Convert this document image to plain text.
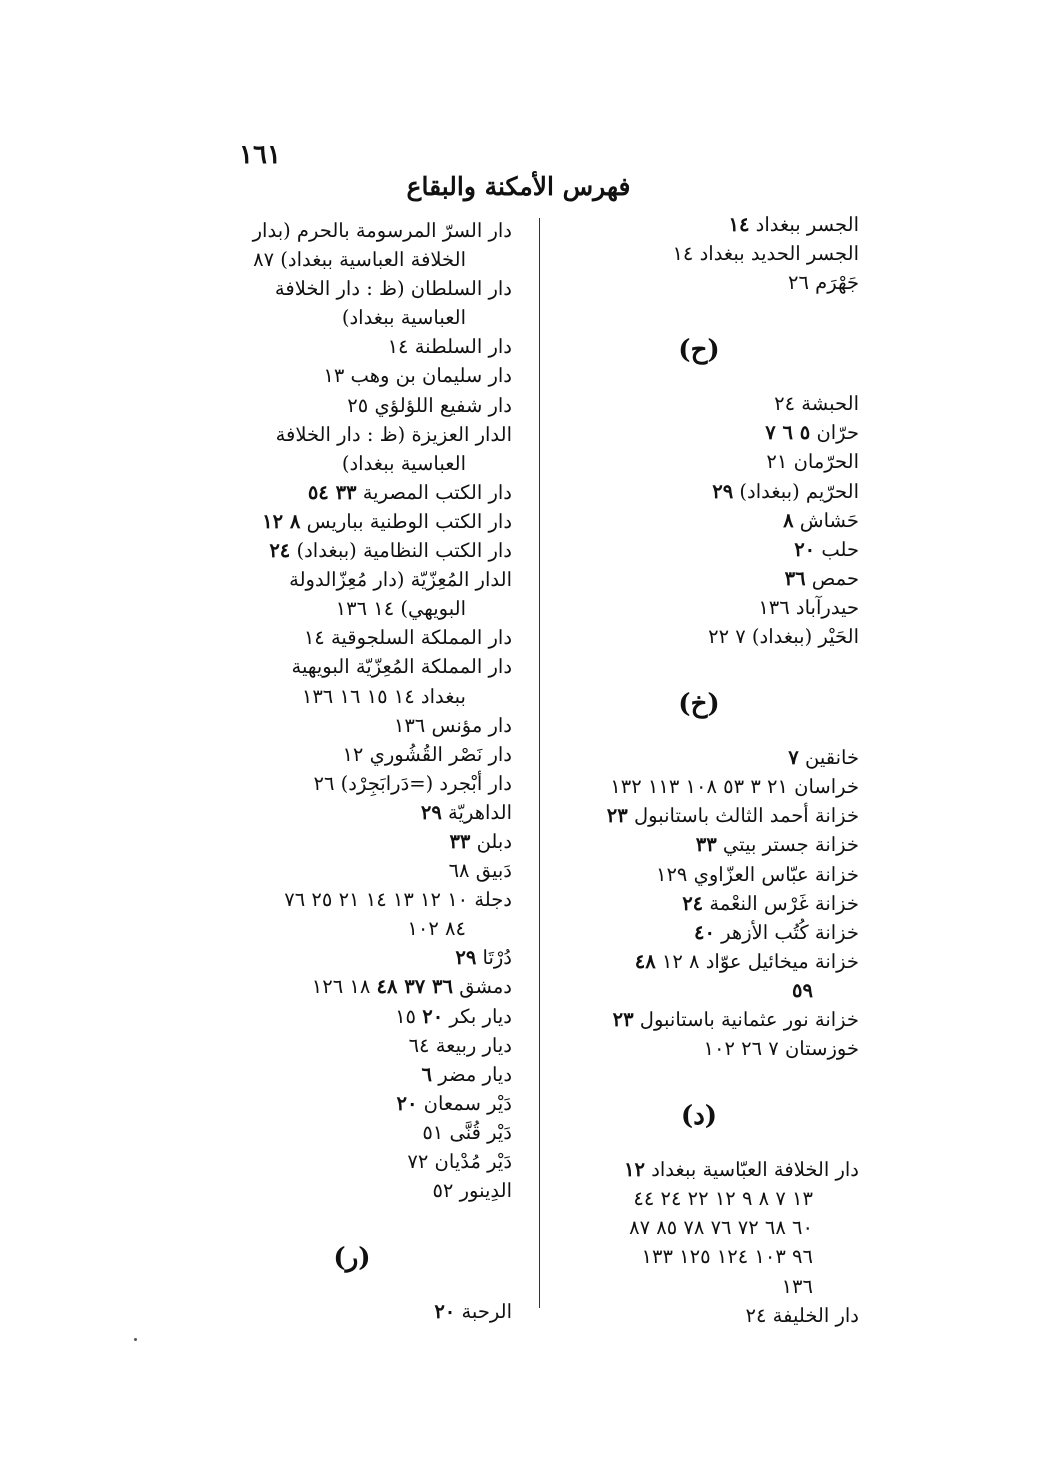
١٦١
فهرس الأمكنة والبقاع
الجسر ببغداد ١٤
الجسر الحديد ببغداد ١٤
جَهْرَم ٢٦
(ح)
الحبشة ٢٤
حرّان ٥ ٦ ٧
الحرّمان ٢١
الحرّيم (ببغداد) ٢٩
حَشاش ٨
حلب ٢٠
حمص ٣٦
حيدرآباد ١٣٦
الحَيْر (ببغداد) ٧ ٢٢
(خ)
خانقين ٧
خراسان ٢١ ٣ ٥٣ ١٠٨ ١١٣ ١٣٢
خزانة أحمد الثالث باستانبول ٢٣
خزانة جستر بيتي ٣٣
خزانة عبّاس العزّاوي ١٢٩
خزانة غَرْس النعْمة ٢٤
خزانة كُتُب الأزهر ٤٠
خزانة ميخائيل عوّاد ٨ ١٢ ٤٨
٥٩
خزانة نور عثمانية باستانبول ٢٣
خوزستان ٧ ٢٦ ١٠٢
(د)
دار الخلافة العبّاسية ببغداد ١٢
١٣ ٧ ٨ ٩ ١٢ ٢٢ ٢٤ ٤٤
٦٠ ٦٨ ٧٢ ٧٦ ٧٨ ٨٥ ٨٧
٩٦ ١٠٣ ١٢٤ ١٢٥ ١٣٣
١٣٦
دار الخليفة ٢٤
دار السرّ المرسومة بالحرم (بدار
الخلافة العباسية ببغداد) ٨٧
دار السلطان (ظ : دار الخلافة
العباسية ببغداد)
دار السلطنة ١٤
دار سليمان بن وهب ١٣
دار شفيع اللؤلؤي ٢٥
الدار العزيزة (ظ : دار الخلافة
العباسية ببغداد)
دار الكتب المصرية ٣٣ ٥٤
دار الكتب الوطنية بباريس ٨ ١٢
دار الكتب النظامية (ببغداد) ٢٤
الدار المُعِزّيّة (دار مُعِزّالدولة
البويهي) ١٤ ١٣٦
دار المملكة السلجوقية ١٤
دار المملكة المُعِزّيّة البويهية
ببغداد ١٤ ١٥ ١٦ ١٣٦
دار مؤنس ١٣٦
دار نَصْر القُشُوري ١٢
دار أبْجرد (=دَرابَجِرْد) ٢٦
الداهريّة ٢٩
دبلن ٣٣
دَبيق ٦٨
دجلة ١٠ ١٢ ١٣ ١٤ ٢١ ٢٥ ٧٦
٨٤ ١٠٢
دُرْتَا ٢٩
دمشق ٣٦ ٣٧ ٤٨ ١٨ ١٢٦
ديار بكر ٢٠ ١٥
ديار ربيعة ٦٤
ديار مضر ٦
دَيْر سمعان ٢٠
دَيْر قُنَّى ٥١
دَيْر مُدْيان ٧٢
الدِينور ٥٢
(ر)
الرحبة ٢٠
